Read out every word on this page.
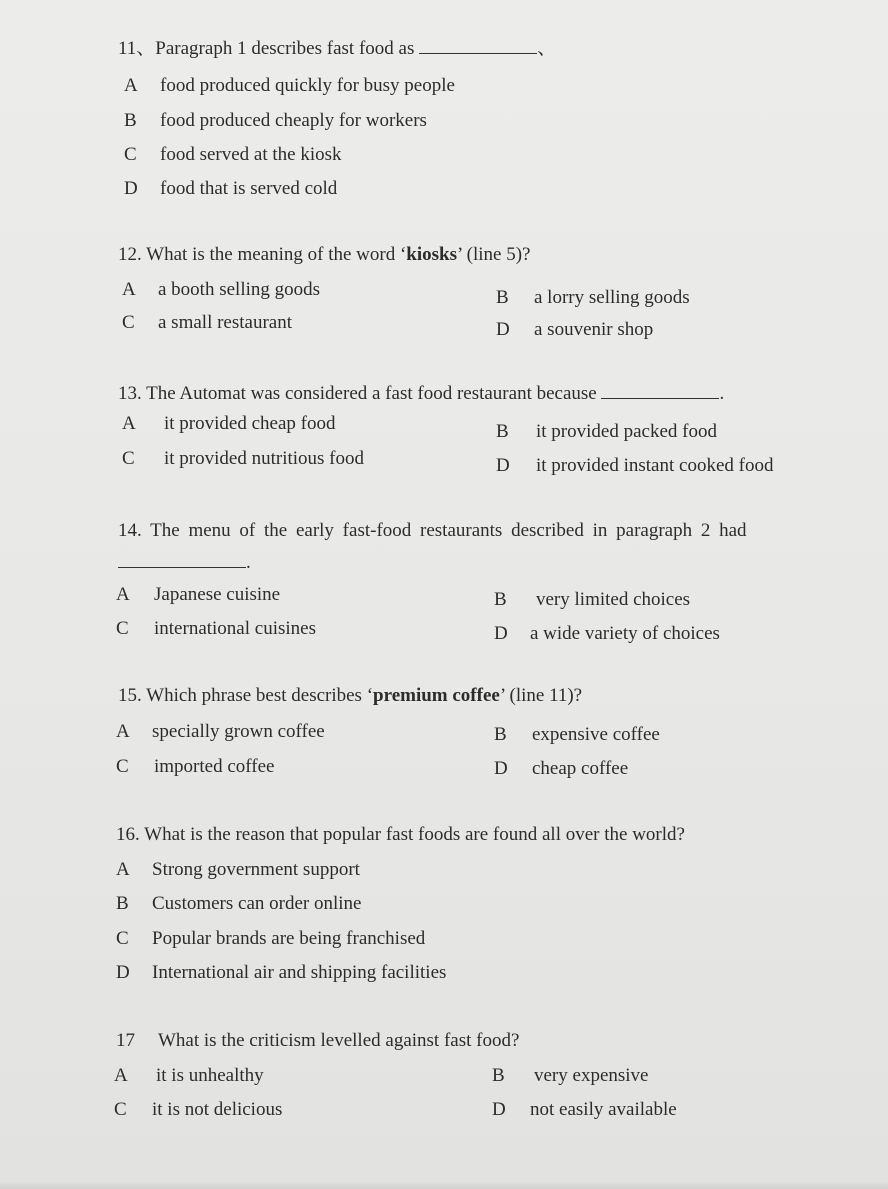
11、Paragraph 1 describes fast food as	、
A food produced quickly for busy people
B food produced cheaply for workers
C food served at the kiosk
D food that is served cold
12. What is the meaning of the word ‘kiosks’ (line 5)?
A a booth selling goods	B a lorry selling goods
C a small restaurant	D a souvenir shop
13. The Automat was considered a fast food restaurant because	.
A it provided cheap food	B it provided packed food
C it provided nutritious food	D it provided instant cooked food
14. The menu of the early fast-food restaurants described in paragraph 2 had
.
A Japanese cuisine	B very limited choices
C international cuisines	D a wide variety of choices
15. Which phrase best describes ‘premium coffee’ (line 11)?
A specially grown coffee	B expensive coffee
C imported coffee	D cheap coffee
16. What is the reason that popular fast foods are found all over the world?
A Strong government support
B Customers can order online
C Popular brands are being franchised
D International air and shipping facilities
17 What is the criticism levelled against fast food?
A it is unhealthy	B very expensive
C it is not delicious	D not easily available
